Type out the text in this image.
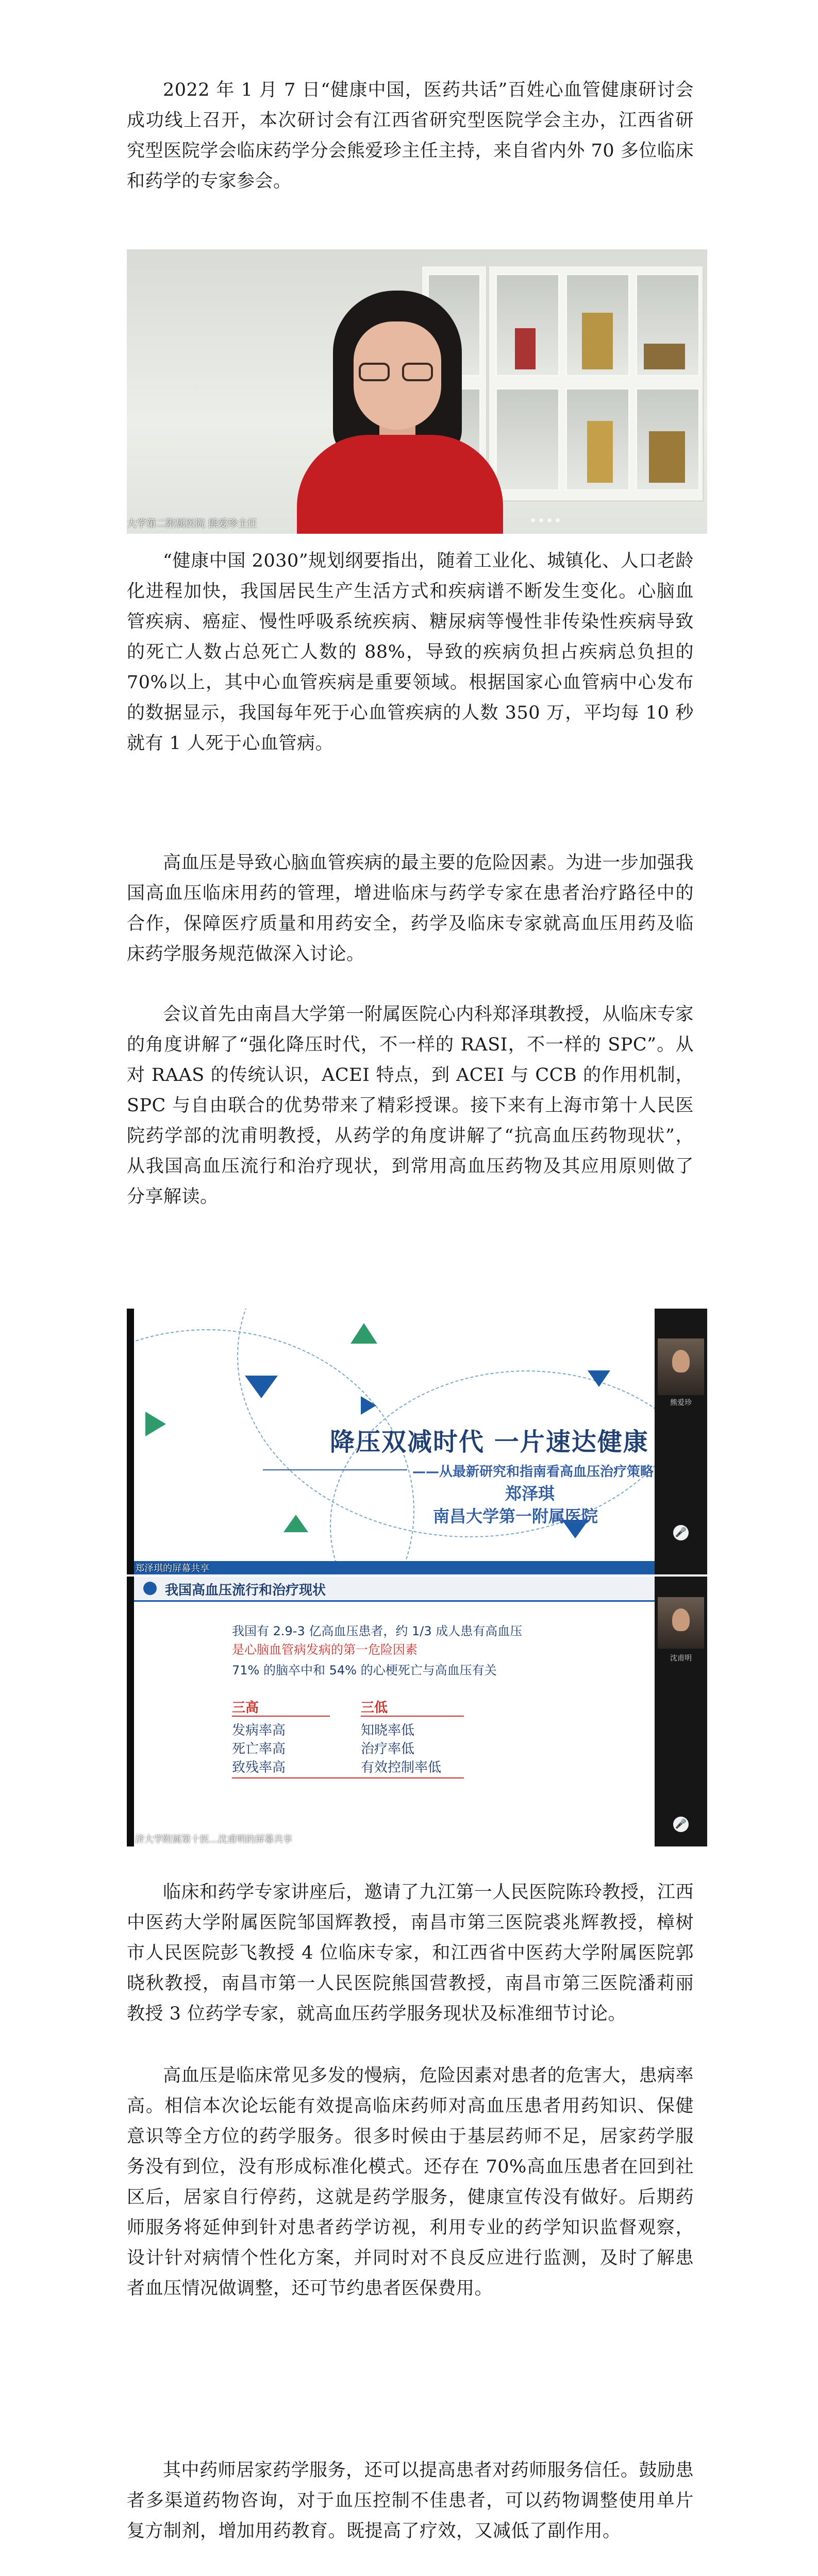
2022 年 1 月 7 日“健康中国，医药共话”百姓心血管健康研讨会成功线上召开，本次研讨会有江西省研究型医院学会主办，江西省研究型医院学会临床药学分会熊爱珍主任主持，来自省内外 70 多位临床和药学的专家参会。

大学第二附属医院 熊爱珍主任

“健康中国 2030”规划纲要指出，随着工业化、城镇化、人口老龄化进程加快，我国居民生产生活方式和疾病谱不断发生变化。心脑血管疾病、癌症、慢性呼吸系统疾病、糖尿病等慢性非传染性疾病导致的死亡人数占总死亡人数的 88%，导致的疾病负担占疾病总负担的 70%以上，其中心血管疾病是重要领域。根据国家心血管病中心发布的数据显示，我国每年死于心血管疾病的人数 350 万，平均每 10 秒就有 1 人死于心血管病。

高血压是导致心脑血管疾病的最主要的危险因素。为进一步加强我国高血压临床用药的管理，增进临床与药学专家在患者治疗路径中的合作，保障医疗质量和用药安全，药学及临床专家就高血压用药及临床药学服务规范做深入讨论。

会议首先由南昌大学第一附属医院心内科郑泽琪教授，从临床专家的角度讲解了“强化降压时代，不一样的 RASI，不一样的 SPC”。从对 RAAS 的传统认识，ACEI 特点，到 ACEI 与 CCB 的作用机制，SPC 与自由联合的优势带来了精彩授课。接下来有上海市第十人民医院药学部的沈甫明教授，从药学的角度讲解了“抗高血压药物现状”，从我国高血压流行和治疗现状，到常用高血压药物及其应用原则做了分享解读。

降压双减时代 一片速达健康
——从最新研究和指南看高血压治疗策略
郑泽琪
南昌大学第一附属医院
熊爱珍
🎤
郑泽琪的屏幕共享
我国高血压流行和治疗现状
我国有 2.9-3 亿高血压患者，约 1/3 成人患有高血压
是心脑血管病发病的第一危险因素
71% 的脑卒中和 54% 的心梗死亡与高血压有关
三高	三低
发病率高
死亡率高
致残率高
知晓率低
治疗率低
有效控制率低
沈甫明
🎤
济大学附属第十医...沈甫明的屏幕共享

临床和药学专家讲座后，邀请了九江第一人民医院陈玲教授，江西中医药大学附属医院邹国辉教授，南昌市第三医院裘兆辉教授，樟树市人民医院彭飞教授 4 位临床专家，和江西省中医药大学附属医院郭晓秋教授，南昌市第一人民医院熊国营教授，南昌市第三医院潘莉丽教授 3 位药学专家，就高血压药学服务现状及标准细节讨论。

高血压是临床常见多发的慢病，危险因素对患者的危害大，患病率高。相信本次论坛能有效提高临床药师对高血压患者用药知识、保健意识等全方位的药学服务。很多时候由于基层药师不足，居家药学服务没有到位，没有形成标准化模式。还存在 70%高血压患者在回到社区后，居家自行停药，这就是药学服务，健康宣传没有做好。后期药师服务将延伸到针对患者药学访视，利用专业的药学知识监督观察，设计针对病情个性化方案，并同时对不良反应进行监测，及时了解患者血压情况做调整，还可节约患者医保费用。

其中药师居家药学服务，还可以提高患者对药师服务信任。鼓励患者多渠道药物咨询，对于血压控制不佳患者，可以药物调整使用单片复方制剂，增加用药教育。既提高了疗效，又减低了副作用。
